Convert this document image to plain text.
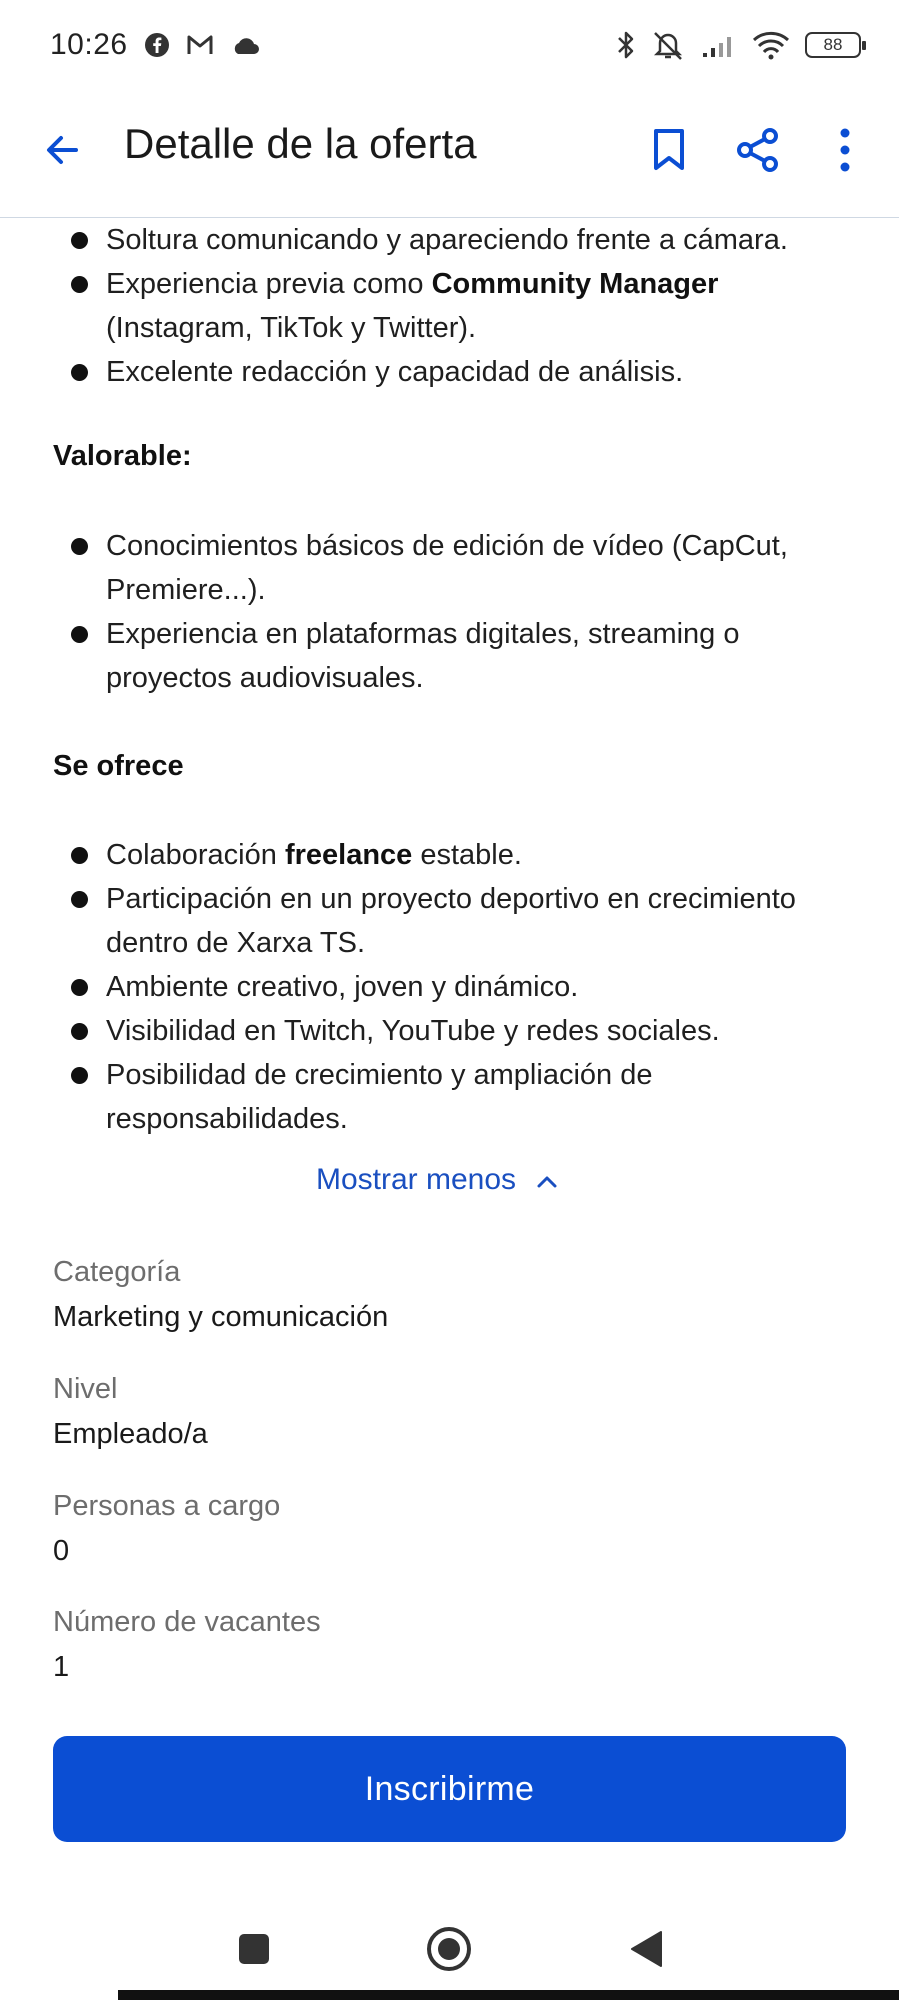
10:26	88
Detalle de la oferta
Soltura comunicando y apareciendo frente a cámara.
Experiencia previa como Community Manager (Instagram, TikTok y Twitter).
Excelente redacción y capacidad de análisis.
Valorable:
Conocimientos básicos de edición de vídeo (CapCut, Premiere...).
Experiencia en plataformas digitales, streaming o proyectos audiovisuales.
Se ofrece
Colaboración freelance estable.
Participación en un proyecto deportivo en crecimiento dentro de Xarxa TS.
Ambiente creativo, joven y dinámico.
Visibilidad en Twitch, YouTube y redes sociales.
Posibilidad de crecimiento y ampliación de responsabilidades.
Mostrar menos
Categoría
Marketing y comunicación
Nivel
Empleado/a
Personas a cargo
0
Número de vacantes
1
Inscribirme
